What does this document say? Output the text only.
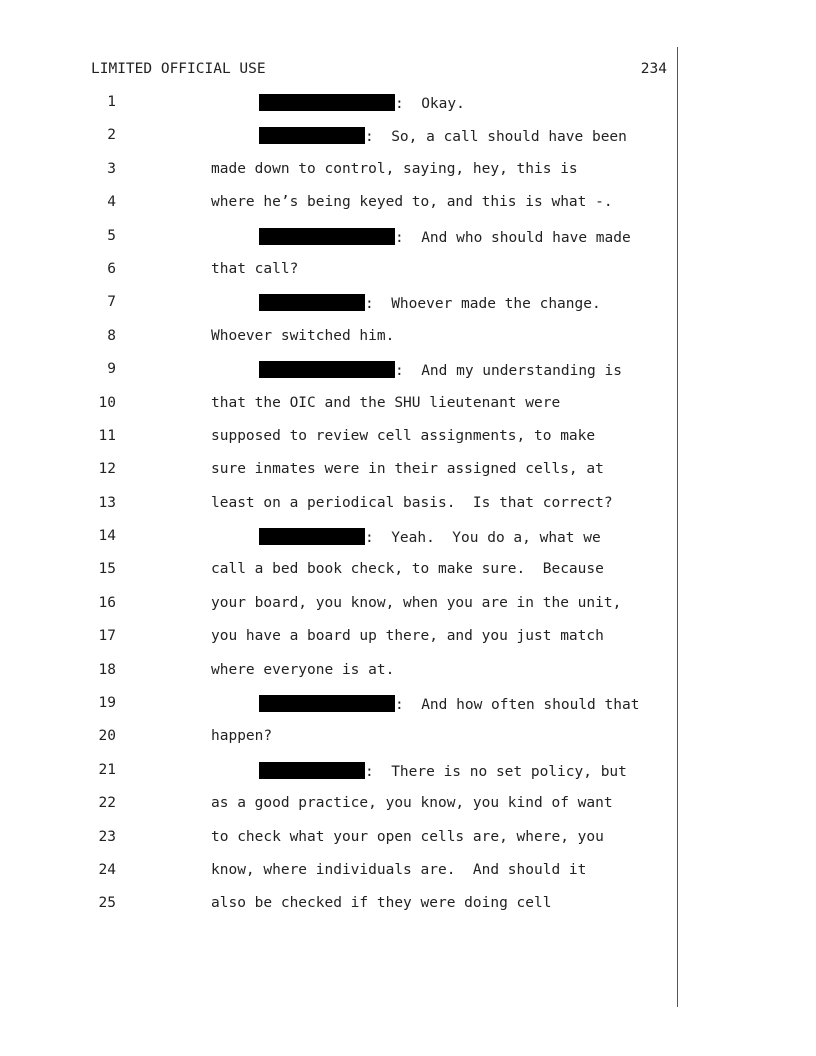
LIMITED OFFICIAL USE	234
1	:  Okay.
2	:  So, a call should have been
3	made down to control, saying, hey, this is
4	where he’s being keyed to, and this is what -.
5	:  And who should have made
6	that call?
7	:  Whoever made the change.
8	Whoever switched him.
9	:  And my understanding is
10	that the OIC and the SHU lieutenant were
11	supposed to review cell assignments, to make
12	sure inmates were in their assigned cells, at
13	least on a periodical basis.  Is that correct?
14	:  Yeah.  You do a, what we
15	call a bed book check, to make sure.  Because
16	your board, you know, when you are in the unit,
17	you have a board up there, and you just match
18	where everyone is at.
19	:  And how often should that
20	happen?
21	:  There is no set policy, but
22	as a good practice, you know, you kind of want
23	to check what your open cells are, where, you
24	know, where individuals are.  And should it
25	also be checked if they were doing cell
